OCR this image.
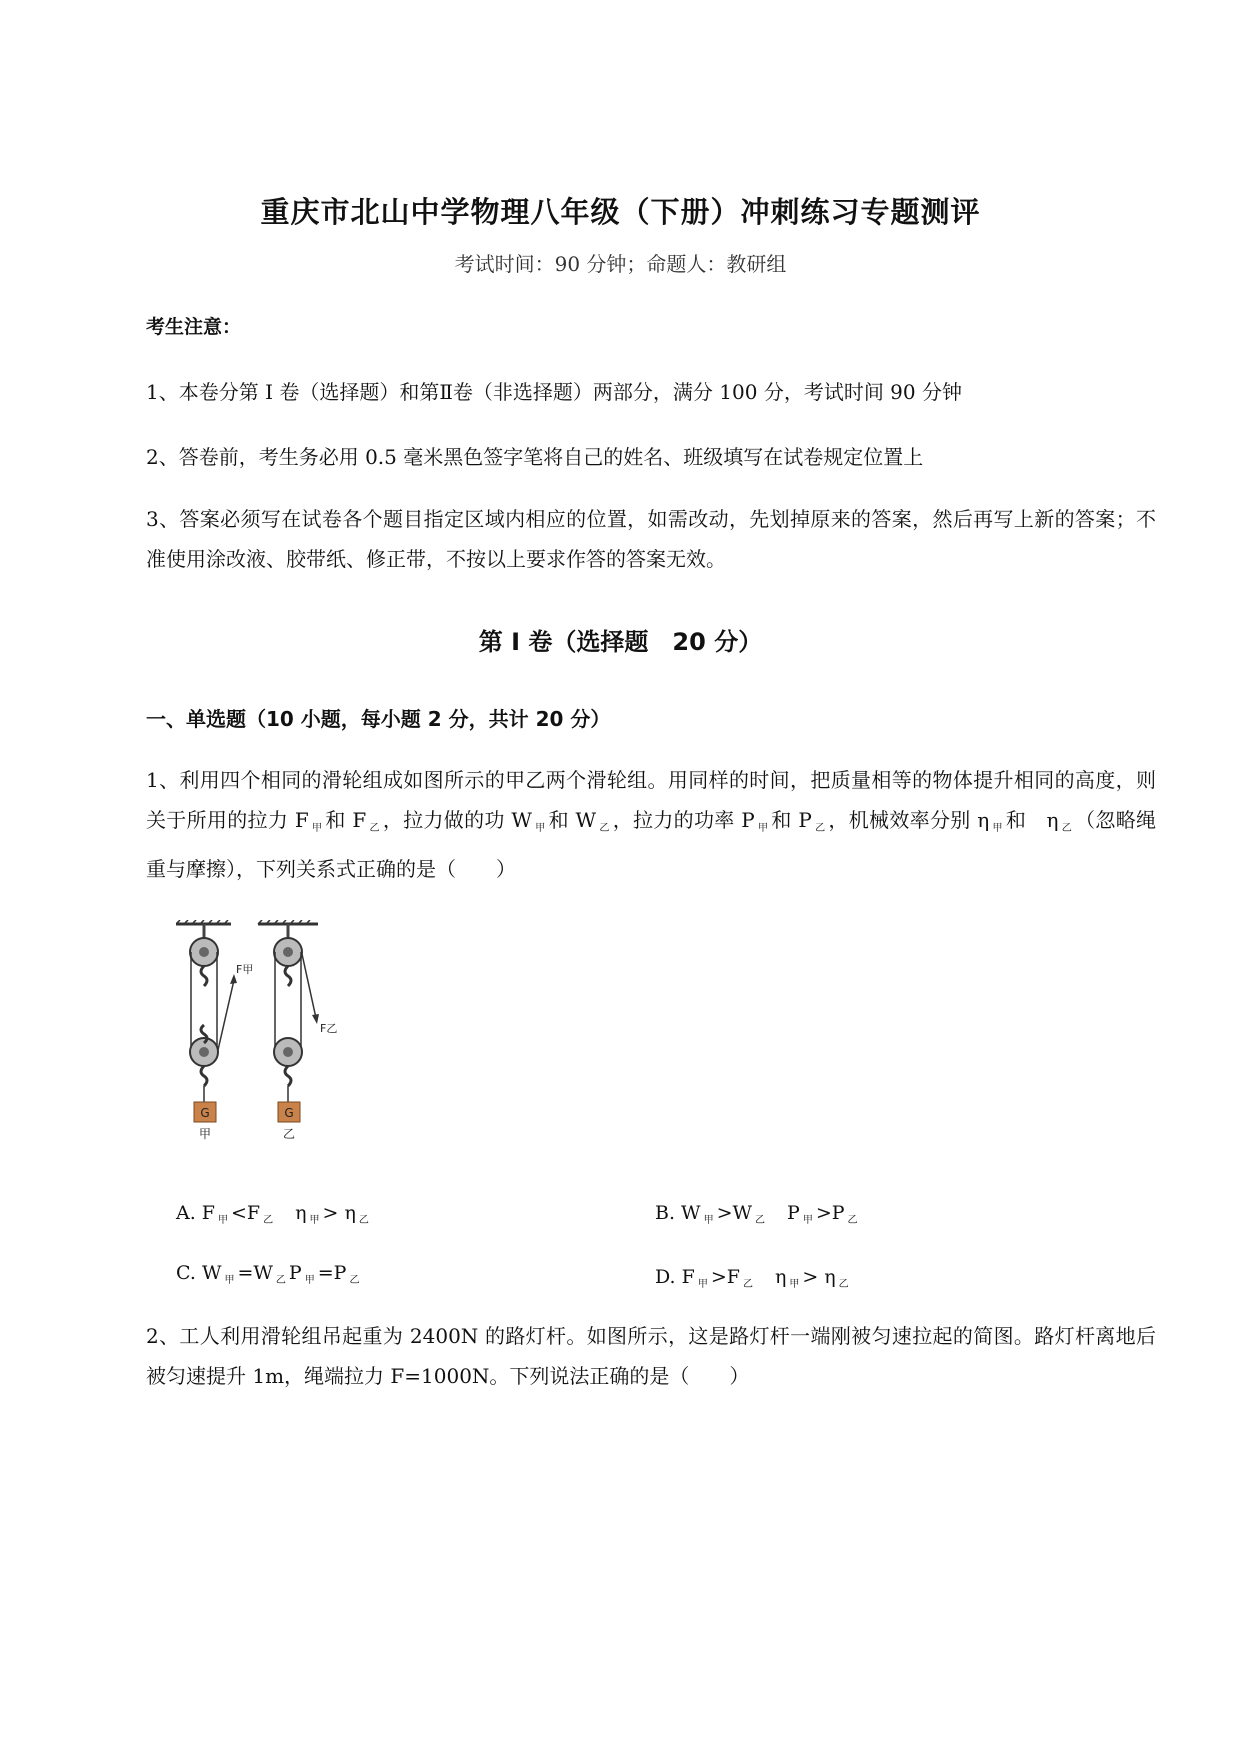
重庆市北山中学物理八年级（下册）冲刺练习专题测评
考试时间：90 分钟；命题人：教研组
考生注意：
1、本卷分第 I 卷（选择题）和第Ⅱ卷（非选择题）两部分，满分 100 分，考试时间 90 分钟
2、答卷前，考生务必用 0.5 毫米黑色签字笔将自己的姓名、班级填写在试卷规定位置上
3、答案必须写在试卷各个题目指定区域内相应的位置，如需改动，先划掉原来的答案，然后再写上新的答案；不准使用涂改液、胶带纸、修正带，不按以上要求作答的答案无效。
第 I 卷（选择题　20 分）
一、单选题（10 小题，每小题 2 分，共计 20 分）
1、利用四个相同的滑轮组成如图所示的甲乙两个滑轮组。用同样的时间，把质量相等的物体提升相同的高度，则关于所用的拉力 F $_甲$ 和 F $_乙$ ，拉力做的功 W $_甲$ 和 W $_乙$ ，拉力的功率 P $_甲$ 和 P $_乙$ ，机械效率分别 η $_甲$ 和　η $_乙$ （忽略绳重与摩擦），下列关系式正确的是（　　）
F甲
F乙
G	G
甲	乙
A. F $_甲$ <F $_乙$　η $_甲$ > η $_乙$	B. W $_甲$ >W $_乙$　P $_甲$ >P $_乙$
C. W $_甲$ =W $_乙$ P $_甲$ =P $_乙$	D. F $_甲$ >F $_乙$　η $_甲$ > η $_乙$
2、工人利用滑轮组吊起重为 2400N 的路灯杆。如图所示，这是路灯杆一端刚被匀速拉起的简图。路灯杆离地后被匀速提升 1m，绳端拉力 F=1000N。下列说法正确的是（　　）
